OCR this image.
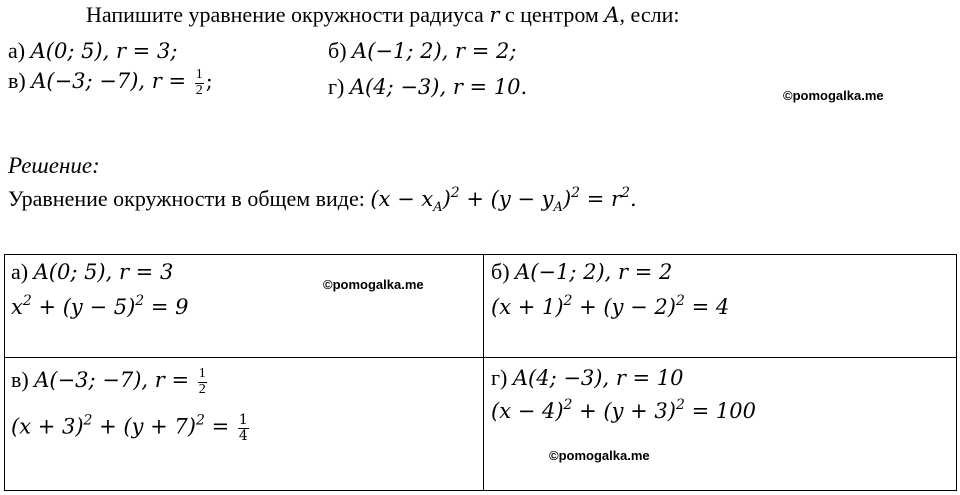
Напишите уравнение окружности радиуса r с центром A, если:
а) A(0; 5), r = 3;	б) A(−1; 2), r = 2;
в) A(−3; −7), $r = \frac{1}{2}$ ;	г) A(4; −3), r = 10.	©pomogalka.me
Решение:
Уравнение окружности в общем виде: $(x - x_A)^2 + (y - y_A)^2 = r^2$.
а) A(0; 5), r = 3
$x^2 + (y - 5)^2 = 9$
©pomogalka.me
б) A(−1; 2), r = 2
$(x + 1)^2 + (y - 2)^2 = 4$
в) A(−3; −7), $r = \frac{1}{2}$
$(x + 3)^2 + (y + 7)^2 = \frac{1}{4}$
г) A(4; −3), r = 10
$(x - 4)^2 + (y + 3)^2 = 100$
©pomogalka.me
